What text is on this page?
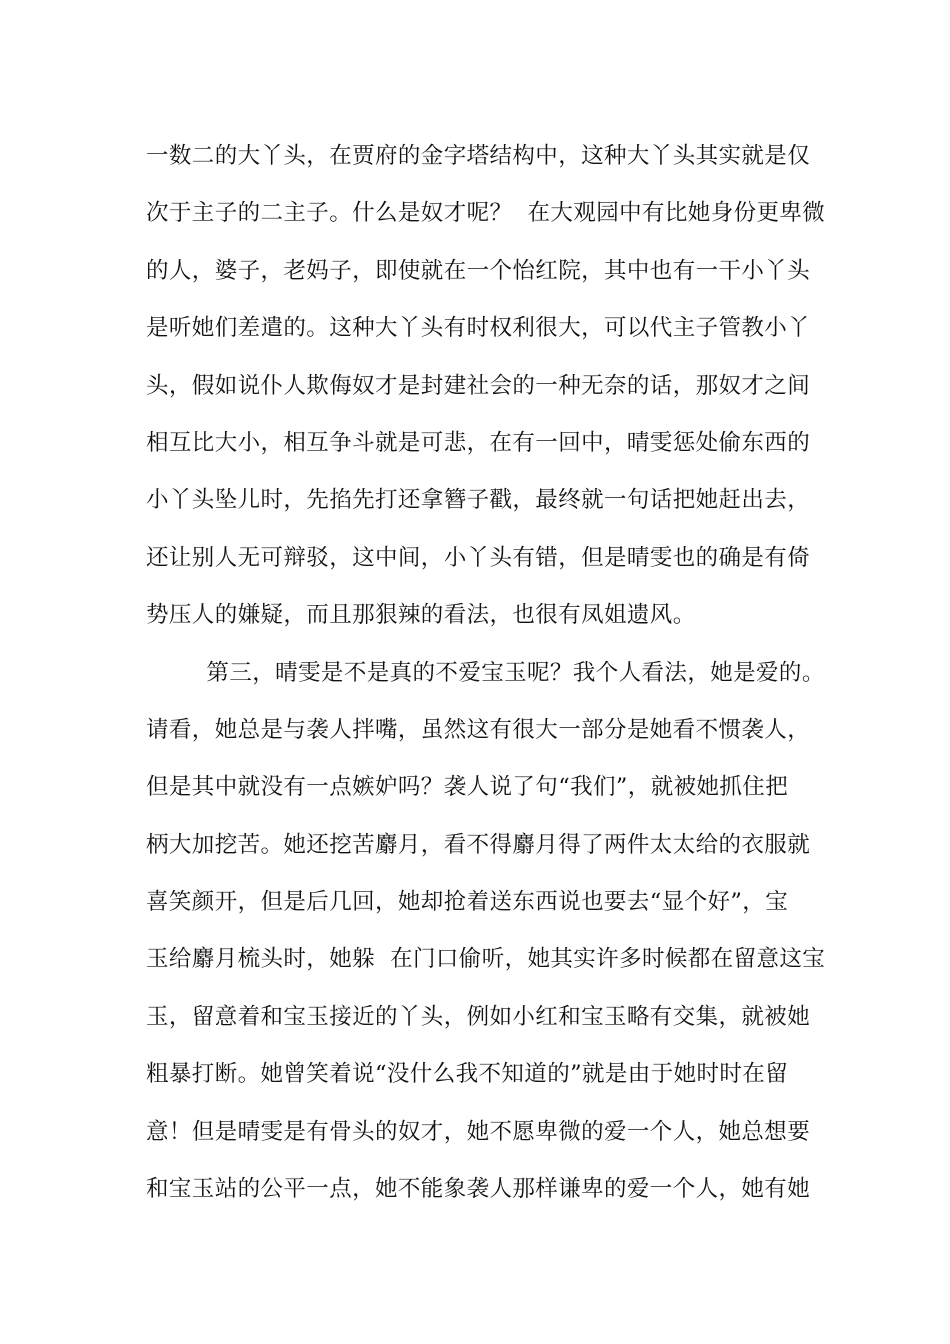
一数二的大丫头，在贾府的金字塔结构中，这种大丫头其实就是仅
次于主子的二主子。什么是奴才呢？  在大观园中有比她身份更卑微
的人，婆子，老妈子，即使就在一个怡红院，其中也有一干小丫头
是听她们差遣的。这种大丫头有时权利很大，可以代主子管教小丫
头，假如说仆人欺侮奴才是封建社会的一种无奈的话，那奴才之间
相互比大小，相互争斗就是可悲，在有一回中，晴雯惩处偷东西的
小丫头坠儿时，先掐先打还拿簪子戳，最终就一句话把她赶出去，
还让别人无可辩驳，这中间，小丫头有错，但是晴雯也的确是有倚
势压人的嫌疑，而且那狠辣的看法，也很有凤姐遗风。
第三，晴雯是不是真的不爱宝玉呢？我个人看法，她是爱的。
请看，她总是与袭人拌嘴，虽然这有很大一部分是她看不惯袭人，
但是其中就没有一点嫉妒吗？袭人说了句“我们”，就被她抓住把
柄大加挖苦。她还挖苦麝月，看不得麝月得了两件太太给的衣服就
喜笑颜开，但是后几回，她却抢着送东西说也要去“显个好”，宝
玉给麝月梳头时，她躲  在门口偷听，她其实许多时候都在留意这宝
玉，留意着和宝玉接近的丫头，例如小红和宝玉略有交集，就被她
粗暴打断。她曾笑着说“没什么我不知道的”就是由于她时时在留
意！但是晴雯是有骨头的奴才，她不愿卑微的爱一个人，她总想要
和宝玉站的公平一点，她不能象袭人那样谦卑的爱一个人，她有她
